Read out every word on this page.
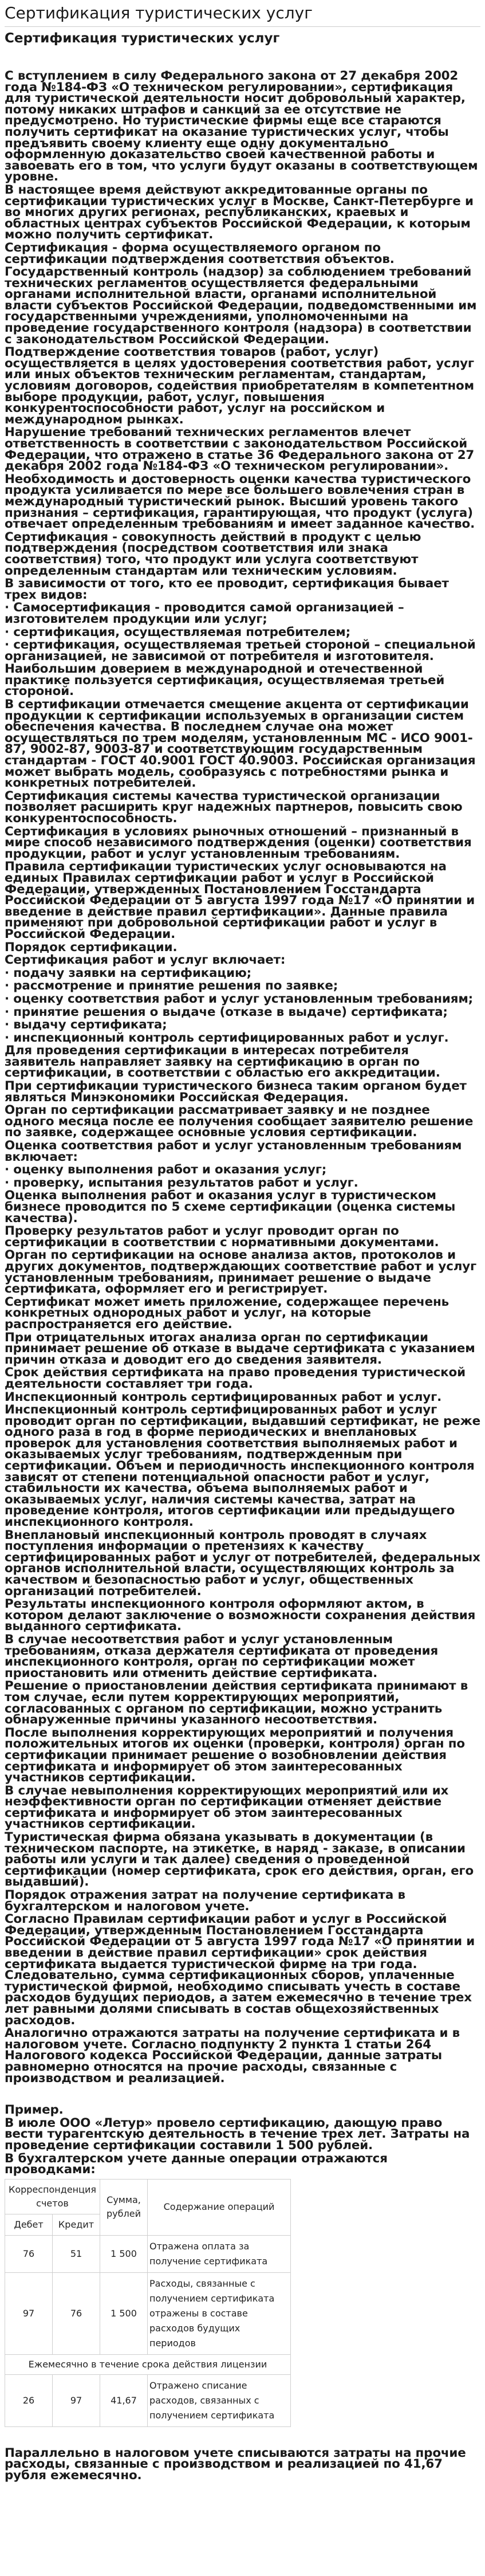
Сертификация туристических услуг
Сертификация туристических услуг

С вступлением в силу Федерального закона от 27 декабря 2002 года №184-ФЗ «О техническом регулировании», сертификация для туристической деятельности носит добровольный характер, потому никаких штрафов и санкций за ее отсутствие не предусмотрено. Но туристические фирмы еще все стараются получить сертификат на оказание туристических услуг, чтобы предъявить своему клиенту еще одну документально оформленную доказательство своей качественной работы и завоевать его в том, что услуги будут оказаны в соответствующем уровне.

В настоящее время действуют аккредитованные органы по сертификации туристических услуг в Москве, Санкт-Петербурге и во многих других регионах, республиканских, краевых и областных центрах субъектов Российской Федерации, к которым можно получить сертификат.

Сертификация - форма осуществляемого органом по сертификации подтверждения соответствия объектов.

Государственный контроль (надзор) за соблюдением требований технических регламентов осуществляется федеральными органами исполнительной власти, органами исполнительной власти субъектов Российской Федерации, подведомственными им государственными учреждениями, уполномоченными на проведение государственного контроля (надзора) в соответствии с законодательством Российской Федерации.

Подтверждение соответствия товаров (работ, услуг) осуществляется в целях удостоверения соответствия работ, услуг или иных объектов техническим регламентам, стандартам, условиям договоров, содействия приобретателям в компетентном выборе продукции, работ, услуг, повышения конкурентоспособности работ, услуг на российском и международном рынках.

Нарушение требований технических регламентов влечет ответственность в соответствии с законодательством Российской Федерации, что отражено в статье 36 Федерального закона от 27 декабря 2002 года №184-ФЗ «О техническом регулировании».

Необходимость и достоверность оценки качества туристического продукта усиливается по мере все большего вовлечения стран в международный туристический рынок. Высший уровень такого признания – сертификация, гарантирующая, что продукт (услуга) отвечает определенным требованиям и имеет заданное качество.

Сертификация - совокупность действий в продукт с целью подтверждения (посредством соответствия или знака соответствия) того, что продукт или услуга соответствуют определенным стандартам или техническим условиям.

В зависимости от того, кто ее проводит, сертификация бывает трех видов:

· Самосертификация - проводится самой организацией – изготовителем продукции или услуг;

· сертификация, осуществляемая потребителем;

· сертификация, осуществляемая третьей стороной – специальной организацией, не зависимой от потребителя и изготовителя.

Наибольшим доверием в международной и отечественной практике пользуется сертификация, осуществляемая третьей стороной.

В сертификации отмечается смещение акцента от сертификации продукции к сертификации используемых в организации систем обеспечения качества. В последнем случае она может осуществляться по трем моделям, установленным МС - ИСО 9001-87, 9002-87, 9003-87 и соответствующим государственным стандартам - ГОСТ 40.9001 ГОСТ 40.9003. Российская организация может выбрать модель, сообразуясь с потребностями рынка и конкретных потребителей.

Сертификация системы качества туристической организации позволяет расширить круг надежных партнеров, повысить свою конкурентоспособность.

Сертификация в условиях рыночных отношений – признанный в мире способ независимого подтверждения (оценки) соответствия продукции, работ и услуг установленным требованиям.

Правила сертификации туристических услуг основываются на единых Правилах сертификации работ и услуг в Российской Федерации, утвержденных Постановлением Госстандарта Российской Федерации от 5 августа 1997 года №17 «О принятии и введение в действие правил сертификации». Данные правила применяют при добровольной сертификации работ и услуг в Российской Федерации.

Порядок сертификации.

Сертификация работ и услуг включает:

· подачу заявки на сертификацию;

· рассмотрение и принятие решения по заявке;

· оценку соответствия работ и услуг установленным требованиям;

· принятие решения о выдаче (отказе в выдаче) сертификата;

· выдачу сертификата;

· инспекционный контроль сертифицированных работ и услуг.

Для проведения сертификации в интересах потребителя заявитель направляет заявку на сертификацию в орган по сертификации, в соответствии с областью его аккредитации.

При сертификации туристического бизнеса таким органом будет являться Минэкономики Российская Федерация.

Орган по сертификации рассматривает заявку и не позднее одного месяца после ее получения сообщает заявителю решение по заявке, содержащее основные условия сертификации.

Оценка соответствия работ и услуг установленным требованиям включает:

· оценку выполнения работ и оказания услуг;

· проверку, испытания результатов работ и услуг.

Оценка выполнения работ и оказания услуг в туристическом бизнесе проводится по 5 схеме сертификации (оценка системы качества).

Проверку результатов работ и услуг проводит орган по сертификации в соответствии с нормативными документами.

Орган по сертификации на основе анализа актов, протоколов и других документов, подтверждающих соответствие работ и услуг установленным требованиям, принимает решение о выдаче сертификата, оформляет его и регистрирует.

Сертификат может иметь приложение, содержащее перечень конкретных однородных работ и услуг, на которые распространяется его действие.

При отрицательных итогах анализа орган по сертификации принимает решение об отказе в выдаче сертификата с указанием причин отказа и доводит его до сведения заявителя.

Срок действия сертификата на право проведения туристической деятельности составляет три года.

Инспекционный контроль сертифицированных работ и услуг.

Инспекционный контроль сертифицированных работ и услуг проводит орган по сертификации, выдавший сертификат, не реже одного раза в год в форме периодических и внеплановых проверок для установления соответствия выполняемых работ и оказываемых услуг требованиям, подтвержденным при сертификации. Объем и периодичность инспекционного контроля зависят от степени потенциальной опасности работ и услуг, стабильности их качества, объема выполняемых работ и оказываемых услуг, наличия системы качества, затрат на проведение контроля, итогов сертификации или предыдущего инспекционного контроля.

Внеплановый инспекционный контроль проводят в случаях поступления информации о претензиях к качеству сертифицированных работ и услуг от потребителей, федеральных органов исполнительной власти, осуществляющих контроль за качеством и безопасностью работ и услуг, общественных организаций потребителей.

Результаты инспекционного контроля оформляют актом, в котором делают заключение о возможности сохранения действия выданного сертификата.

В случае несоответствия работ и услуг установленным требованиям, отказа держателя сертификата от проведения инспекционного контроля, орган по сертификации может приостановить или отменить действие сертификата.

Решение о приостановлении действия сертификата принимают в том случае, если путем корректирующих мероприятий, согласованных с органом по сертификации, можно устранить обнаруженные причины указанного несоответствия.

После выполнения корректирующих мероприятий и получения положительных итогов их оценки (проверки, контроля) орган по сертификации принимает решение о возобновлении действия сертификата и информирует об этом заинтересованных участников сертификации.

В случае невыполнения корректирующих мероприятий или их неэффективности орган по сертификации отменяет действие сертификата и информирует об этом заинтересованных участников сертификации.

Туристическая фирма обязана указывать в документации (в техническом паспорте, на этикетке, в наряд - заказе, в описании работы или услуги и так далее) сведения о проведенной сертификации (номер сертификата, срок его действия, орган, его выдавший).

Порядок отражения затрат на получение сертификата в бухгалтерском и налоговом учете.

Согласно Правилам сертификации работ и услуг в Российской Федерации, утвержденным Постановлением Госстандарта Российской Федерации от 5 августа 1997 года №17 «О принятии и введении в действие правил сертификации» срок действия сертификата выдается туристической фирме на три года. Следовательно, сумма сертификационных сборов, уплаченные туристической фирмой, необходимо списывать учесть в составе расходов будущих периодов, а затем ежемесячно в течение трех лет равными долями списывать в состав общехозяйственных расходов.

Аналогично отражаются затраты на получение сертификата и в налоговом учете. Согласно подпункту 2 пункта 1 статьи 264 Налогового кодекса Российской Федерации, данные затраты равномерно относятся на прочие расходы, связанные с производством и реализацией.

Пример.

В июле ООО «Летур» провело сертификацию, дающую право вести турагентскую деятельность в течение трех лет. Затраты на проведение сертификации составили 1 500 рублей.

В бухгалтерском учете данные операции отражаются проводками:

Корреспонденция счетов		Сумма, рублей	Содержание операций
Дебет	Кредит		
76	51	1 500	Отражена оплата за получение сертификата
97	76	1 500	Расходы, связанные с получением сертификата отражены в составе расходов будущих периодов
Ежемесячно в течение срока действия лицензии			
26	97	41,67	Отражено списание расходов, связанных с получением сертификата

Параллельно в налоговом учете списываются затраты на прочие расходы, связанные с производством и реализацией по 41,67 рубля ежемесячно.
